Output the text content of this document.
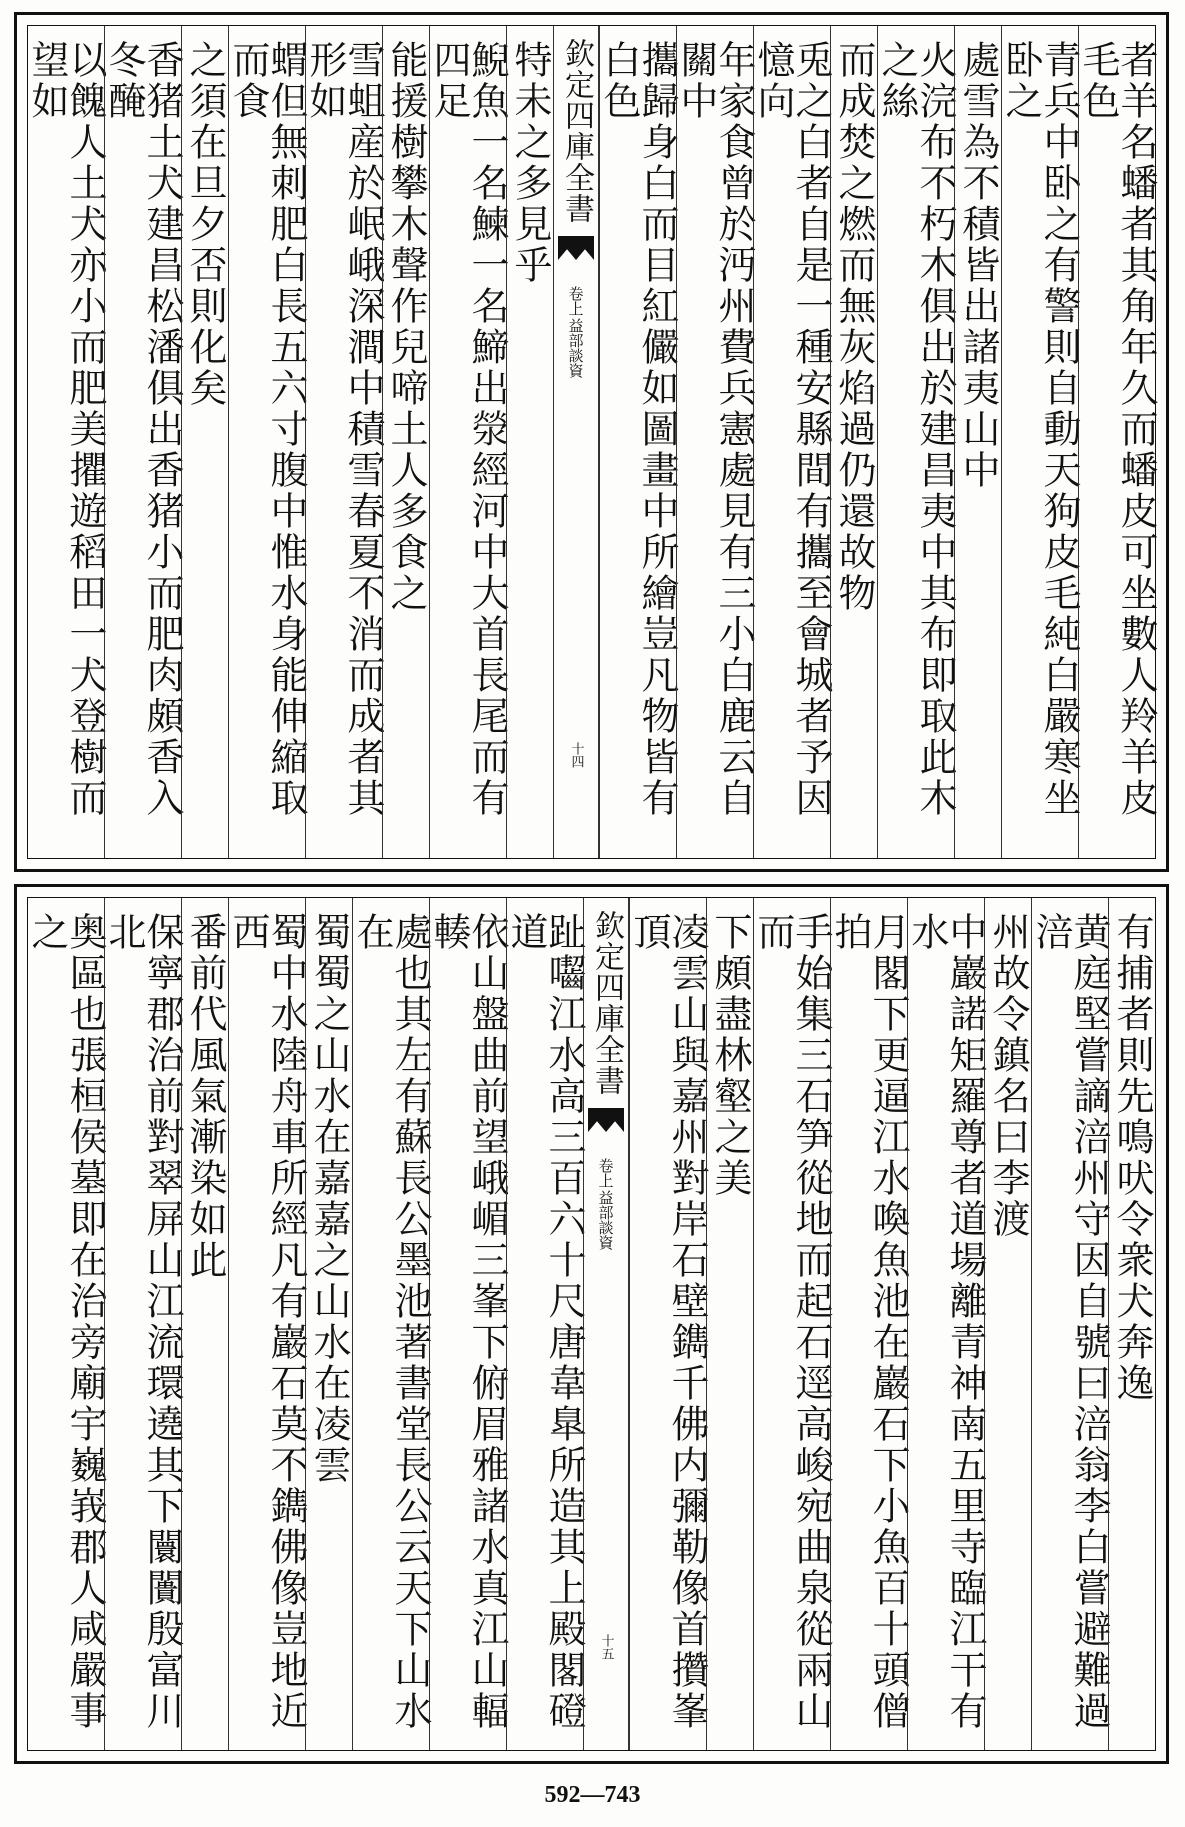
者羊名蟠者其角年久而蟠皮可坐數人羚羊皮毛色
青兵中卧之有警則自動天狗皮毛純白嚴寒坐卧之
處雪為不積皆出諸夷山中
火浣布不朽木俱出於建昌夷中其布即取此木之絲
而成焚之燃而無灰焰過仍還故物
兎之白者自是一種安縣間有攜至會城者予因憶向
年家食曾於沔州費兵憲處見有三小白鹿云自關中
攜歸身白而目紅儼如圖畫中所繪豈凡物皆有白色
欽定四庫全書
益部談資
卷上
十四
特未之多見乎
鯢魚一名鰊一名䱱出滎經河中大首長尾而有四足
能援樹攀木聲作兒啼土人多食之
雪蛆産於岷峨深澗中積雪春夏不消而成者其形如
蝟但無刺肥白長五六寸腹中惟水身能伸縮取而食
之須在旦夕否則化矣
香猪土犬建昌松潘俱出香猪小而肥肉頗香入冬醃
以餽人土犬亦小而肥美㩴遊稻田一犬登樹而望如
有捕者則先鳴吠令衆犬奔逸
黄庭堅嘗謫涪州守因自號曰涪翁李白嘗避難過涪
州故令鎮名曰李渡
中巖諾矩羅尊者道場離青神南五里寺臨江干有水
月閣下更逼江水喚魚池在巖石下小魚百十頭僧拍
手始集三石笋從地而起石逕高峻宛曲泉從兩山而
下頗盡林壑之美
凌雲山與嘉州對岸石壁鐫千佛内彌勒像首攢峯頂
欽定四庫全書
益部談資
卷上
十五
趾囓江水高三百六十尺唐韋臯所造其上殿閣磴道
依山盤曲前望峨嵋三峯下俯眉雅諸水真江山輻輳
處也其左有蘇長公墨池著書堂長公云天下山水在
蜀蜀之山水在嘉嘉之山水在凌雲
蜀中水陸舟車所經凡有巖石莫不鐫佛像豈地近西
番前代風氣漸染如此
保寧郡治前對翠屏山江流環遶其下闤闠殷富川北
奥區也張桓侯墓即在治旁廟宇巍峩郡人咸嚴事之
592—743
